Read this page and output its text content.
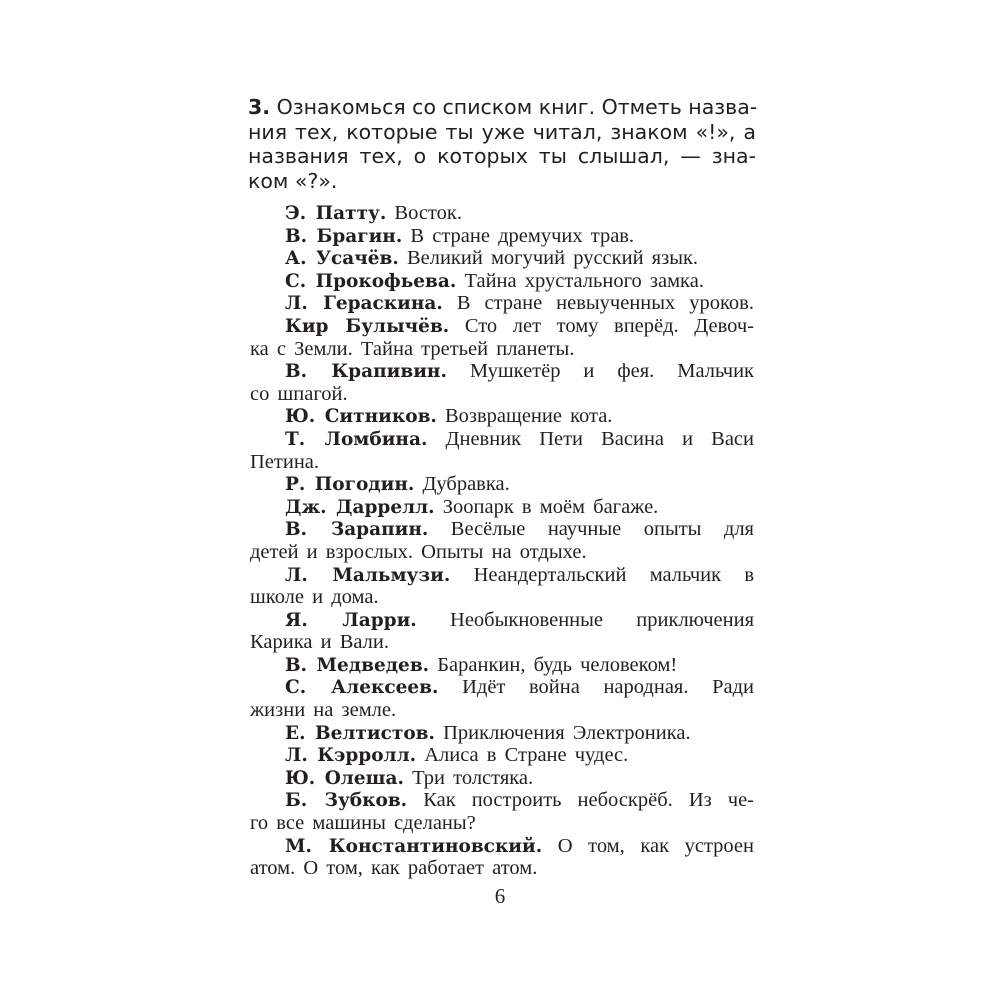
3. Ознакомься со списком книг. Отметь назва-
ния тех, которые ты уже читал, знаком «!», а
названия тех, о которых ты слышал, — зна-
ком «?».
Э. Патту. Восток.
В. Брагин. В стране дремучих трав.
А. Усачёв. Великий могучий русский язык.
С. Прокофьева. Тайна хрустального замка.
Л. Гераскина. В стране невыученных уроков.
Кир Булычёв. Сто лет тому вперёд. Девоч-
ка с Земли. Тайна третьей планеты.
В. Крапивин. Мушкетёр и фея. Мальчик
со шпагой.
Ю. Ситников. Возвращение кота.
Т. Ломбина. Дневник Пети Васина и Васи
Петина.
Р. Погодин. Дубравка.
Дж. Даррелл. Зоопарк в моём багаже.
В. Зарапин. Весёлые научные опыты для
детей и взрослых. Опыты на отдыхе.
Л. Мальмузи. Неандертальский мальчик в
школе и дома.
Я. Ларри. Необыкновенные приключения
Карика и Вали.
В. Медведев. Баранкин, будь человеком!
С. Алексеев. Идёт война народная. Ради
жизни на земле.
Е. Велтистов. Приключения Электроника.
Л. Кэрролл. Алиса в Стране чудес.
Ю. Олеша. Три толстяка.
Б. Зубков. Как построить небоскрёб. Из че-
го все машины сделаны?
М. Константиновский. О том, как устроен
атом. О том, как работает атом.
6
